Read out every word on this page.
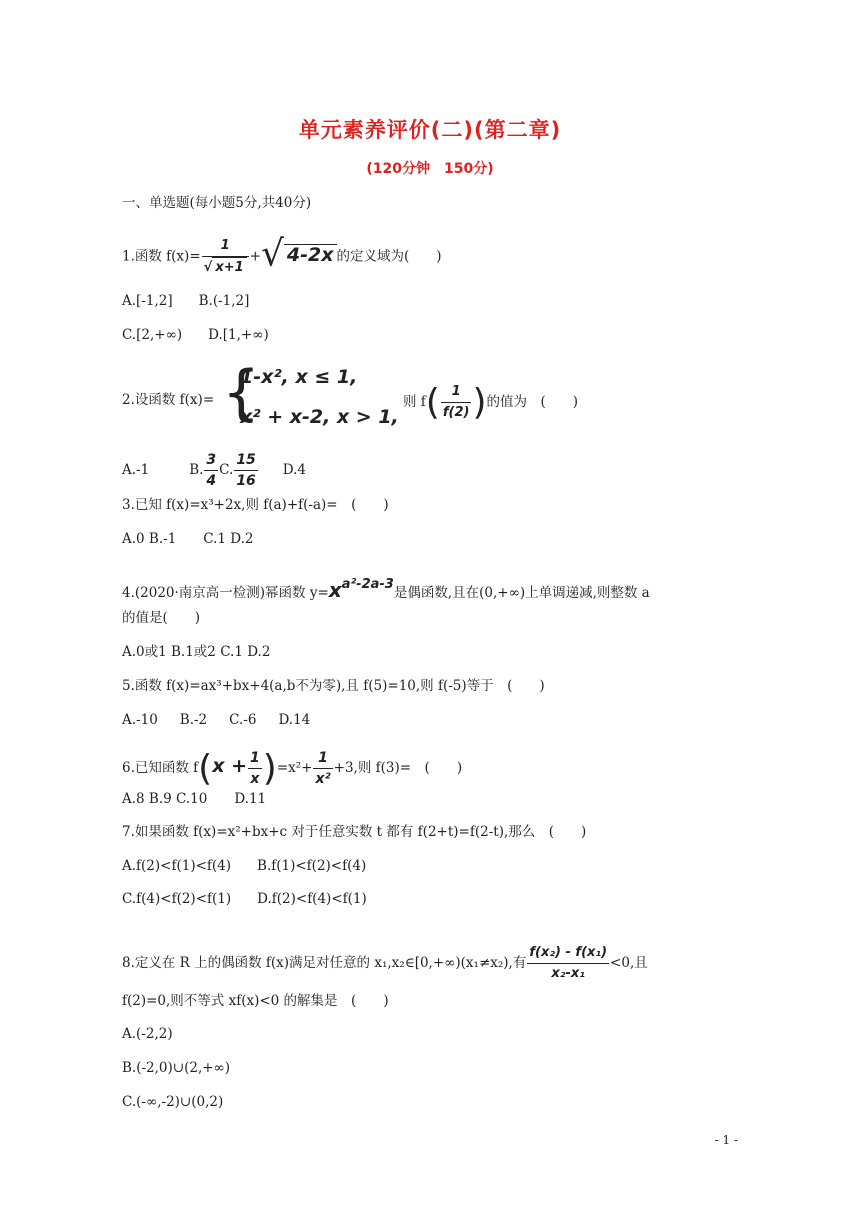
单元素养评价(二)(第二章)
(120分钟　150分)
一、单选题(每小题5分,共40分)
1.函数 $f(x)= \frac{1}{√ x+1}$ +√ 4-2x 的定义域为(　　)
A.[-1,2] B.(-1,2]
C.[2,+∞) D.[1,+∞)
2.设函数 f(x)= {
1-x², x ≤ 1,
x² + x-2, x > 1,
则 $f( \frac{1}{f(2)}$ )的值为　(　　)
A.-1	B. $\frac{3}{4} C$. $\frac{15}{16} D.4$
3.已知 f(x)=x³+2x,则 f(a)+f(-a)=　(　　)
A.0 B.-1　　C.1 D.2
4.(2020·南京高一检测)幂函数 y=xa²-2a-3是偶函数,且在(0,+∞)上单调递减,则整数 a
的值是(　　)
A.0或1 B.1或2 C.1 D.2
5.函数 f(x)=ax³+bx+4(a,b不为零),且 f(5)=10,则 f(-5)等于　(　　)
A.-10 B.-2 C.-6 D.14
6.已知函数 $f(x + \frac{1}{x} )=x^2+ \frac{1}{\text{x²}} +3$,则 f(3)=　(　　)
A.8 B.9 C.10　　D.11
7.如果函数 f(x)=x²+bx+c 对于任意实数 t 都有 f(2+t)=f(2-t),那么　(　　)
A.f(2)<f(1)<f(4) B.f(1)<f(2)<f(4)
C.f(4)<f(2)<f(1) D.f(2)<f(4)<f(1)
8.定义在 R 上的偶函数 f(x)满足对任意的 x₁,x₂∈[0,+∞)(x₁≠x₂),有 $\frac{\text{f(x₂) - f(x₁)}}{\text{x₂-x₁}} <0$,且
f(2)=0,则不等式 xf(x)<0 的解集是　(　　)
A.(-2,2)
B.(-2,0)∪(2,+∞)
C.(-∞,-2)∪(0,2)
- 1 -
